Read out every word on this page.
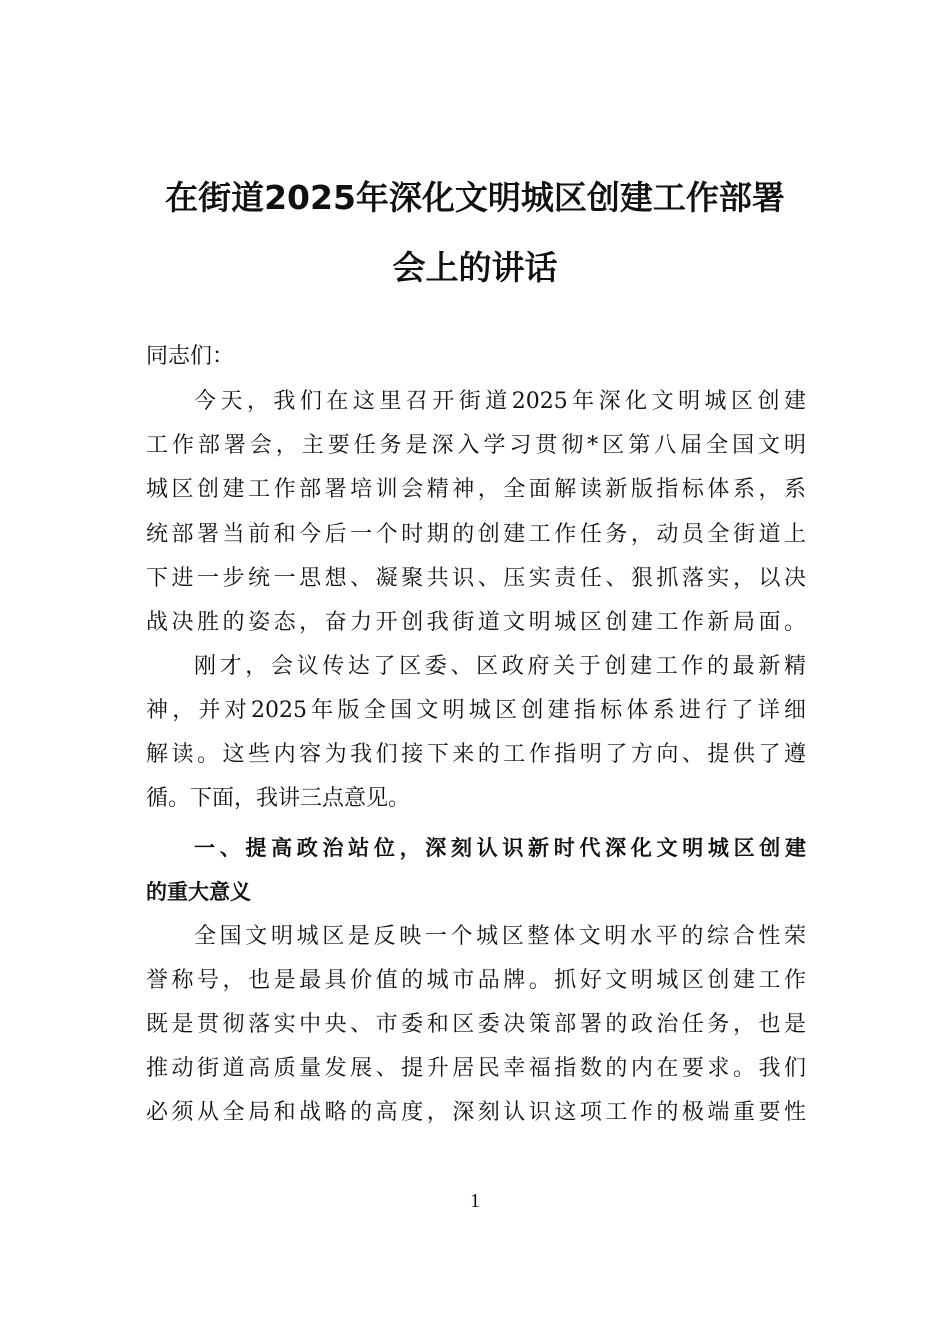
在街道2025年深化文明城区创建工作部署
会上的讲话
同志们：
今天，我们在这里召开街道2025年深化文明城区创建
工作部署会，主要任务是深入学习贯彻*区第八届全国文明
城区创建工作部署培训会精神，全面解读新版指标体系，系
统部署当前和今后一个时期的创建工作任务，动员全街道上
下进一步统一思想、凝聚共识、压实责任、狠抓落实，以决
战决胜的姿态，奋力开创我街道文明城区创建工作新局面。
刚才，会议传达了区委、区政府关于创建工作的最新精
神，并对2025年版全国文明城区创建指标体系进行了详细
解读。这些内容为我们接下来的工作指明了方向、提供了遵
循。下面，我讲三点意见。
一、提高政治站位，深刻认识新时代深化文明城区创建
的重大意义
全国文明城区是反映一个城区整体文明水平的综合性荣
誉称号，也是最具价值的城市品牌。抓好文明城区创建工作
既是贯彻落实中央、市委和区委决策部署的政治任务，也是
推动街道高质量发展、提升居民幸福指数的内在要求。我们
必须从全局和战略的高度，深刻认识这项工作的极端重要性
1
